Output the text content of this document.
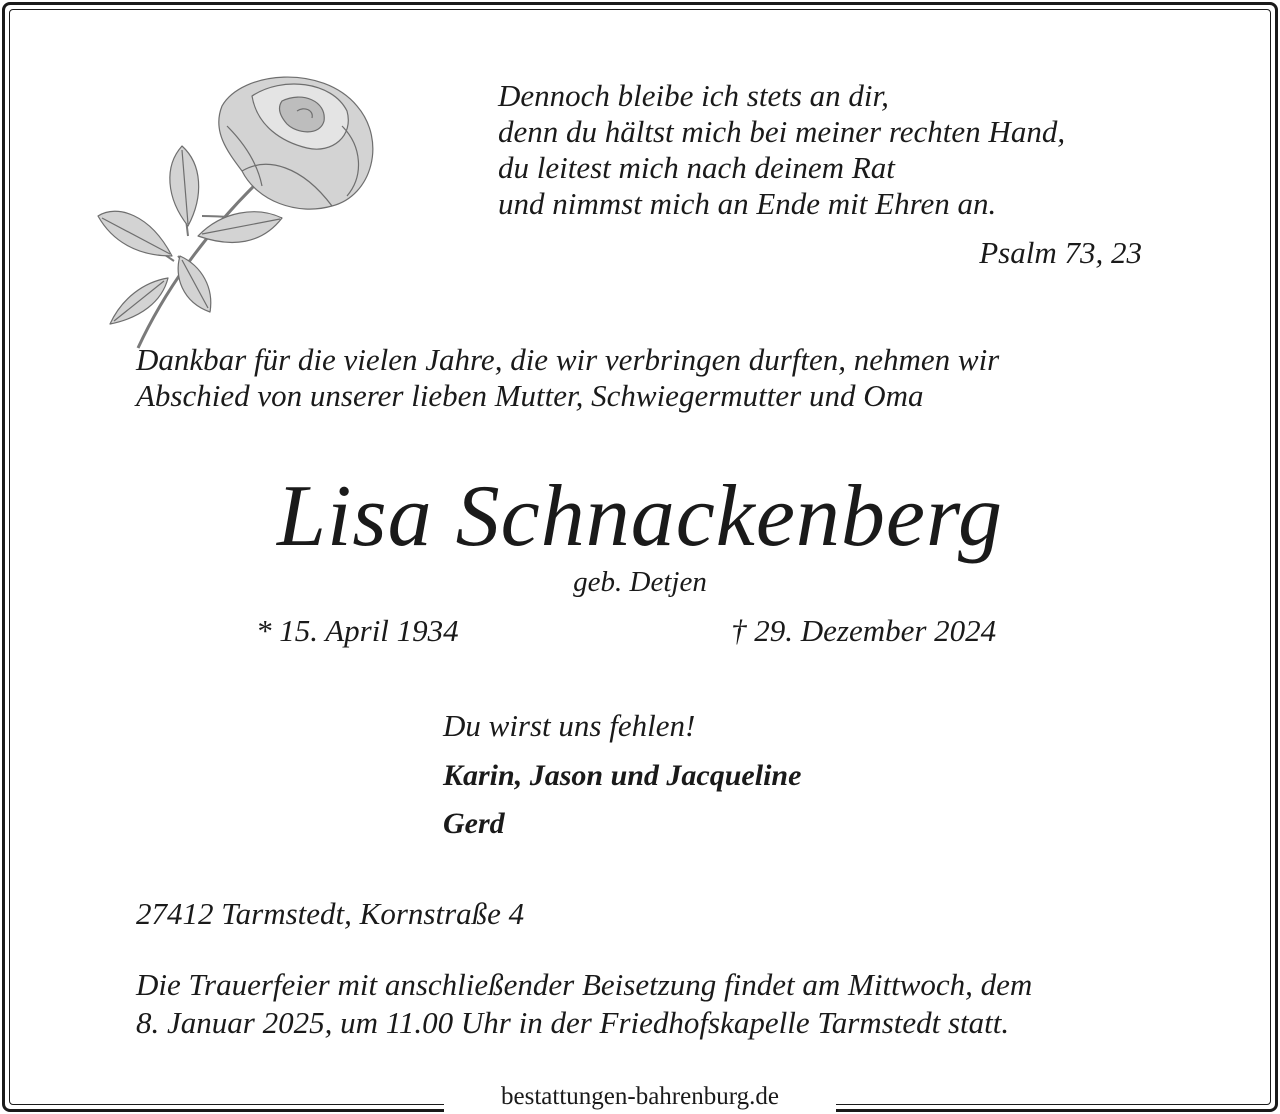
bestattungen-bahrenburg.de
Dennoch bleibe ich stets an dir,
denn du hältst mich bei meiner rechten Hand,
du leitest mich nach deinem Rat
und nimmst mich an Ende mit Ehren an.
Psalm 73, 23
Dankbar für die vielen Jahre, die wir verbringen durften, nehmen wir
Abschied von unserer lieben Mutter, Schwiegermutter und Oma
Lisa Schnackenberg
geb. Detjen
* 15. April 1934	† 29. Dezember 2024
Du wirst uns fehlen!
Karin, Jason und Jacqueline
Gerd
27412 Tarmstedt, Kornstraße 4
Die Trauerfeier mit anschließender Beisetzung findet am Mittwoch, dem
8. Januar 2025, um 11.00 Uhr in der Friedhofskapelle Tarmstedt statt.
